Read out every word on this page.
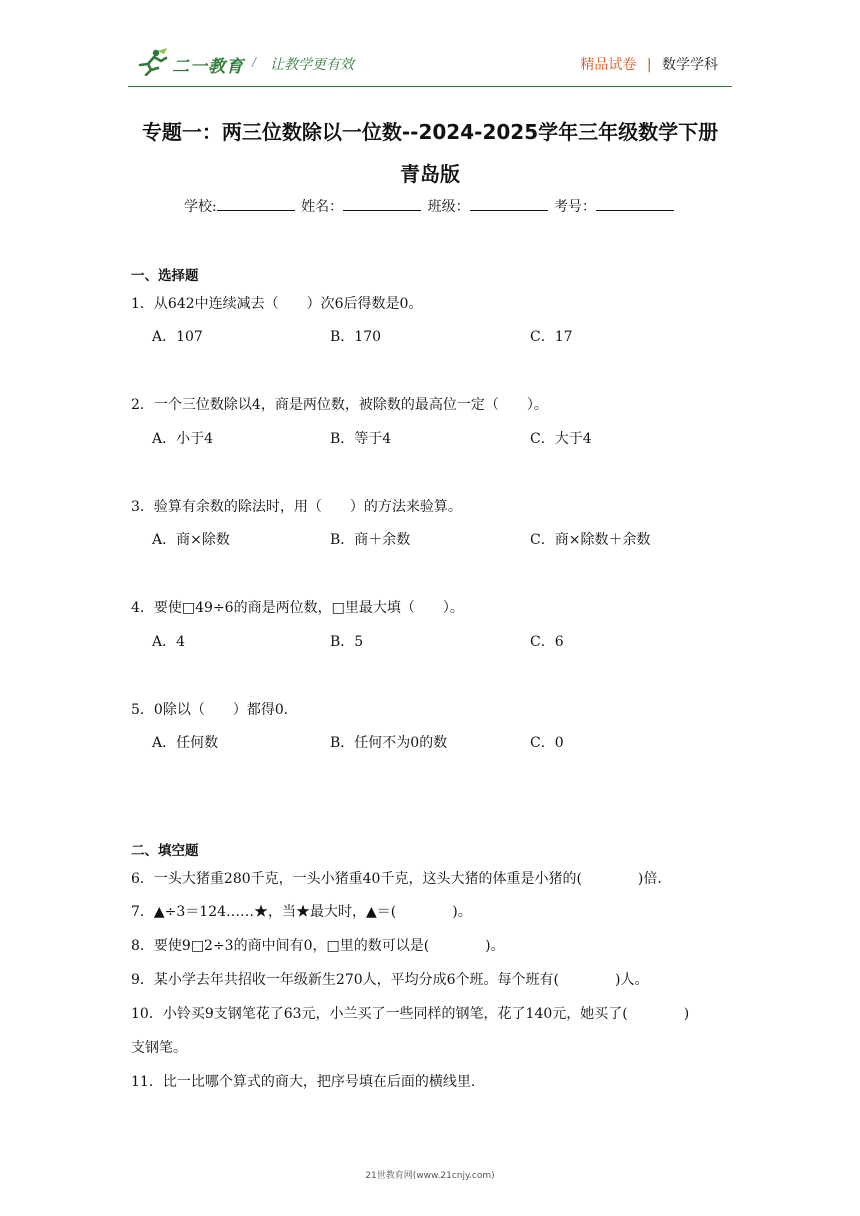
二一教育 / 让教学更有效	精品试卷 | 数学学科
专题一：两三位数除以一位数--2024-2025学年三年级数学下册
青岛版
学校:	姓名：	班级：	考号：
一、选择题
1．从642中连续减去（　　）次6后得数是0。
A．107	B．170	C．17
2．一个三位数除以4，商是两位数，被除数的最高位一定（　　）。
A．小于4	B．等于4	C．大于4
3．验算有余数的除法时，用（　　）的方法来验算。
A．商×除数	B．商＋余数	C．商×除数＋余数
4．要使□49÷6的商是两位数，□里最大填（　　）。
A．4	B．5	C．6
5．0除以（　　）都得0.
A．任何数	B．任何不为0的数	C．0
二、填空题
6．一头大猪重280千克，一头小猪重40千克，这头大猪的体重是小猪的(　　　　)倍.
7．▲÷3＝124……★，当★最大时，▲＝(　　　　)。
8．要使9□2÷3的商中间有0，□里的数可以是(　　　　)。
9．某小学去年共招收一年级新生270人，平均分成6个班。每个班有(　　　　)人。
10．小铃买9支钢笔花了63元，小兰买了一些同样的钢笔，花了140元，她买了(　　　　)
支钢笔。
11．比一比哪个算式的商大，把序号填在后面的横线里.
21世教育网(www.21cnjy.com)
